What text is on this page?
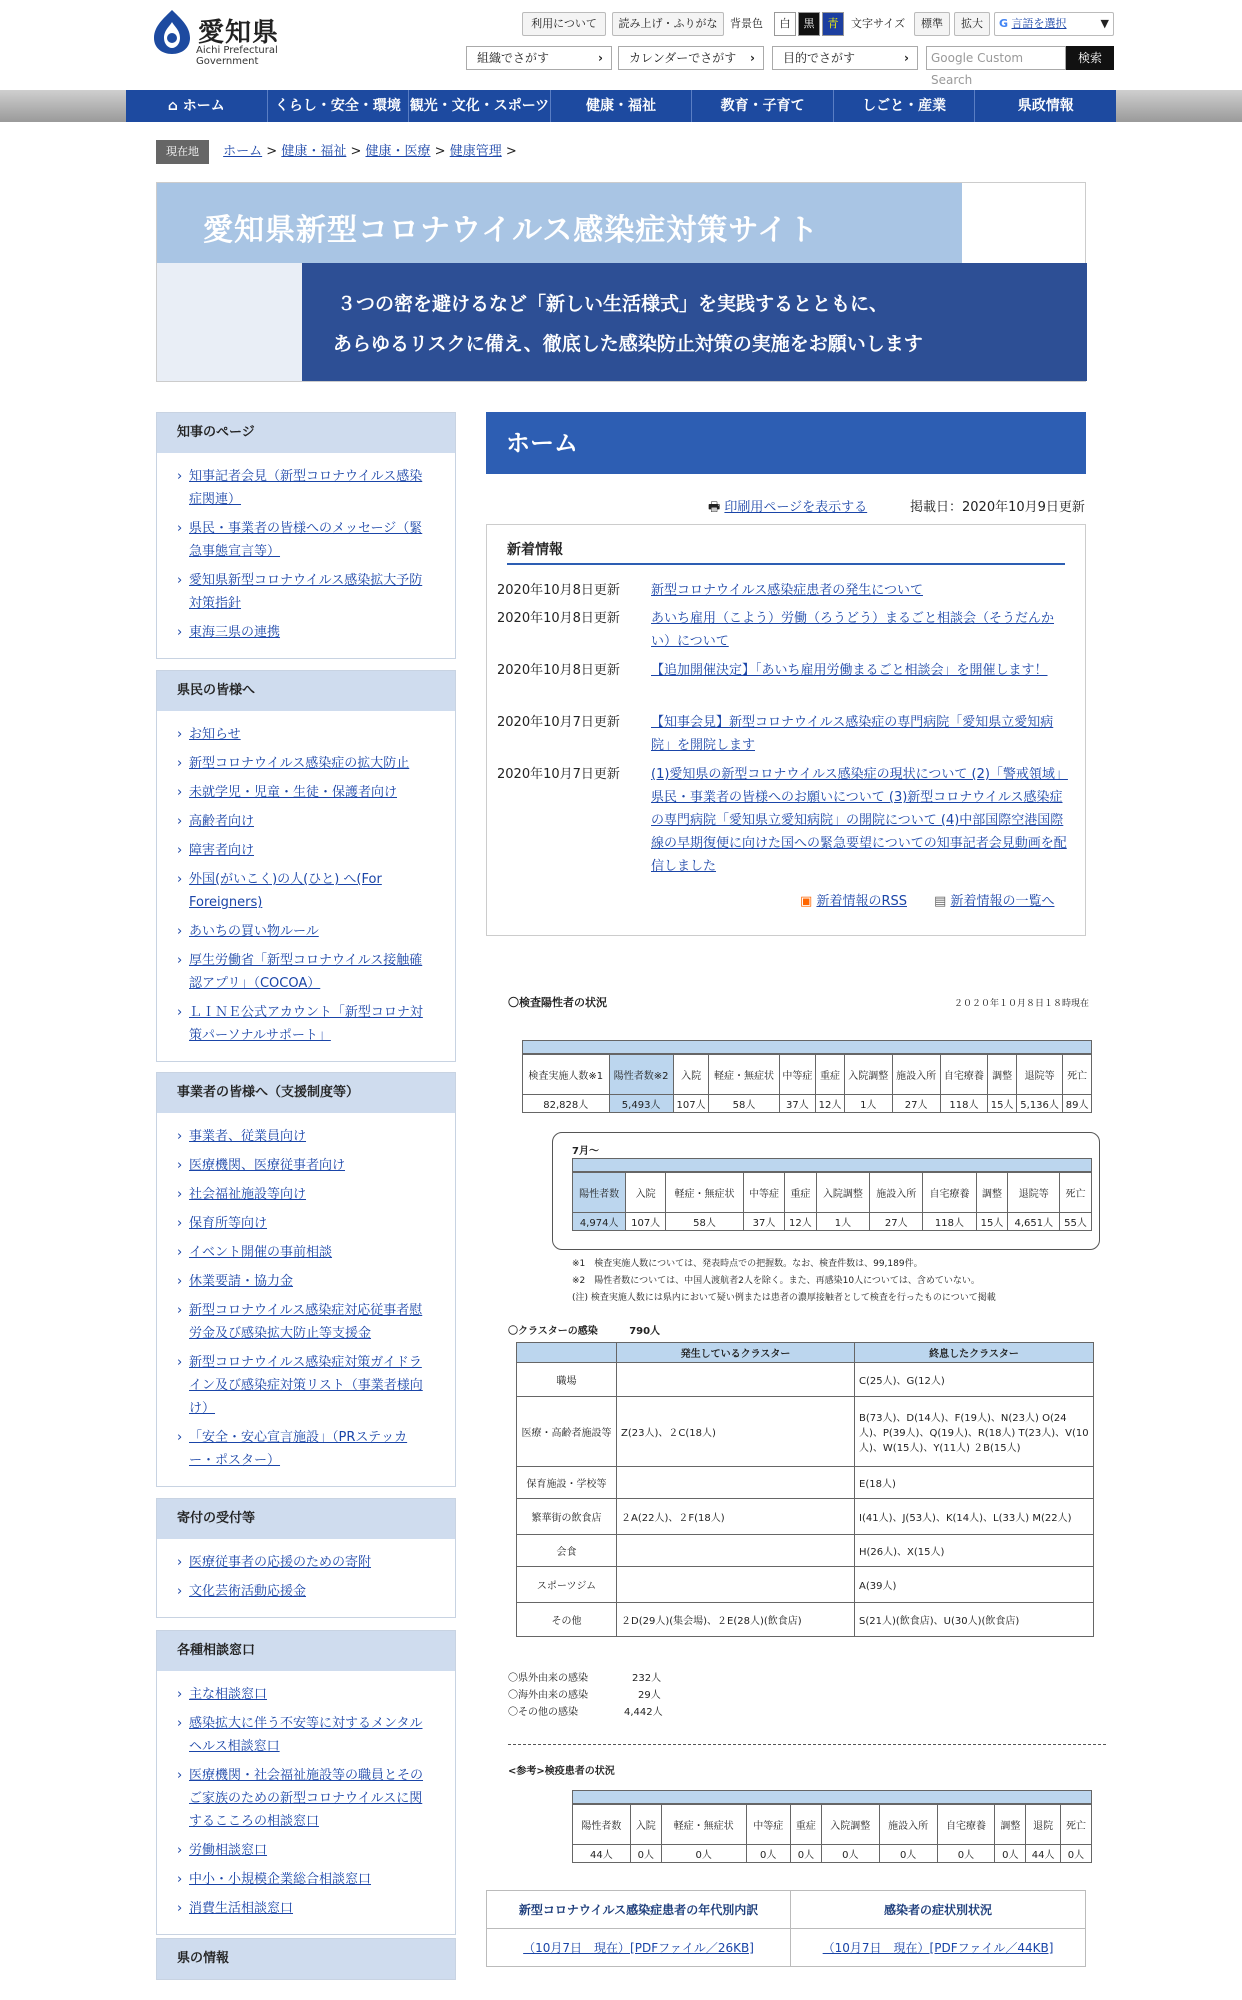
愛知県
Aichi Prefectural Government
利用について	読み上げ・ふりがな	背景色	白	黒	青	文字サイズ	標準	拡大	G 言語を選択	▼
組織でさがす	›	カレンダーでさがす ›	目的でさがす	›	Google Custom Search
検索
⌂ ホーム	くらし・安全・環境 観光・文化・スポーツ	健康・福祉	教育・子育て	しごと・産業	県政情報
現在地 ホーム > 健康・福祉 > 健康・医療 > 健康管理 >
愛知県新型コロナウイルス感染症対策サイト
３つの密を避けるなど「新しい生活様式」を実践するとともに、
あらゆるリスクに備え、徹底した感染防止対策の実施をお願いします
知事のページ
› 知事記者会見（新型コロナウイルス感染症関連）
› 県民・事業者の皆様へのメッセージ（緊急事態宣言等）
› 愛知県新型コロナウイルス感染拡大予防対策指針
› 東海三県の連携
県民の皆様へ
› お知らせ
› 新型コロナウイルス感染症の拡大防止
› 未就学児・児童・生徒・保護者向け
› 高齢者向け
› 障害者向け
› 外国(がいこく)の人(ひと) へ(For Foreigners)
› あいちの買い物ルール
› 厚生労働省「新型コロナウイルス接触確認アプリ」（COCOA）
› ＬＩＮＥ公式アカウント「新型コロナ対策パーソナルサポート」
事業者の皆様へ（支援制度等）
› 事業者、従業員向け
› 医療機関、医療従事者向け
› 社会福祉施設等向け
› 保育所等向け
› イベント開催の事前相談
› 休業要請・協力金
› 新型コロナウイルス感染症対応従事者慰労金及び感染拡大防止等支援金
› 新型コロナウイルス感染症対策ガイドライン及び感染症対策リスト（事業者様向け）
› 「安全・安心宣言施設」（PRステッカー・ポスター）
寄付の受付等
› 医療従事者の応援のための寄附
› 文化芸術活動応援金
各種相談窓口
› 主な相談窓口
› 感染拡大に伴う不安等に対するメンタルヘルス相談窓口
› 医療機関・社会福祉施設等の職員とそのご家族のための新型コロナウイルスに関するこころの相談窓口
› 労働相談窓口
› 中小・小規模企業総合相談窓口
› 消費生活相談窓口
県の情報
ホーム
🖶 印刷用ページを表示する	掲載日：2020年10月9日更新
新着情報
2020年10月8日更新	新型コロナウイルス感染症患者の発生について
2020年10月8日更新	あいち雇用（こよう）労働（ろうどう）まるごと相談会（そうだんかい）について
2020年10月8日更新	【追加開催決定】「あいち雇用労働まるごと相談会」を開催します！
2020年10月7日更新	【知事会見】新型コロナウイルス感染症の専門病院「愛知県立愛知病院」を開院します
2020年10月7日更新	(1)愛知県の新型コロナウイルス感染症の現状について (2)「警戒領域」県民・事業者の皆様へのお願いについて (3)新型コロナウイルス感染症の専門病院「愛知県立愛知病院」の開院について (4)中部国際空港国際線の早期復便に向けた国への緊急要望についての知事記者会見動画を配信しました
▣ 新着情報のRSS ▤ 新着情報の一覧へ
〇検査陽性者の状況	２０２０年１０月８日１８時現在
検査実施人数※1	陽性者数※2	入院	軽症・無症状	中等症	重症	入院調整	施設入所	自宅療養	調整	退院等	死亡
82,828人	5,493人	107人	58人	37人	12人	1人	27人	118人	15人	5,136人	89人
7月～
陽性者数	入院	軽症・無症状	中等症	重症	入院調整	施設入所	自宅療養	調整	退院等	死亡
4,974人	107人	58人	37人	12人	1人	27人	118人	15人	4,651人	55人
※1　検査実施人数については、発表時点での把握数。なお、検査件数は、99,189件。
※2　陽性者数については、中国人渡航者2人を除く。また、再感染10人については、含めていない。
(注) 検査実施人数には県内において疑い例または患者の濃厚接触者として検査を行ったものについて掲載
〇クラスターの感染	790人
	発生しているクラスター	終息したクラスター
職場		C(25人)、G(12人)
医療・高齢者施設等	Z(23人)、２C(18人)	B(73人)、D(14人)、F(19人)、N(23人) O(24人)、P(39人)、Q(19人)、R(18人) T(23人)、V(10人)、W(15人)、Y(11人) ２B(15人)
保育施設・学校等		E(18人)
繁華街の飲食店	２A(22人)、２F(18人)	I(41人)、J(53人)、K(14人)、L(33人) M(22人)
会食		H(26人)、X(15人)
スポーツジム		A(39人)
その他	２D(29人)(集会場)、２E(28人)(飲食店)	S(21人)(飲食店)、U(30人)(飲食店)
〇県外由来の感染	232人
〇海外由来の感染	29人
〇その他の感染	4,442人
<参考>検疫患者の状況
陽性者数	入院	軽症・無症状	中等症	重症	入院調整	施設入所	自宅療養	調整	退院	死亡
44人	0人	0人	0人	0人	0人	0人	0人	0人	44人	0人
新型コロナウイルス感染症患者の年代別内訳	感染者の症状別状況
（10月7日　現在）[PDFファイル／26KB]	（10月7日　現在）[PDFファイル／44KB]
